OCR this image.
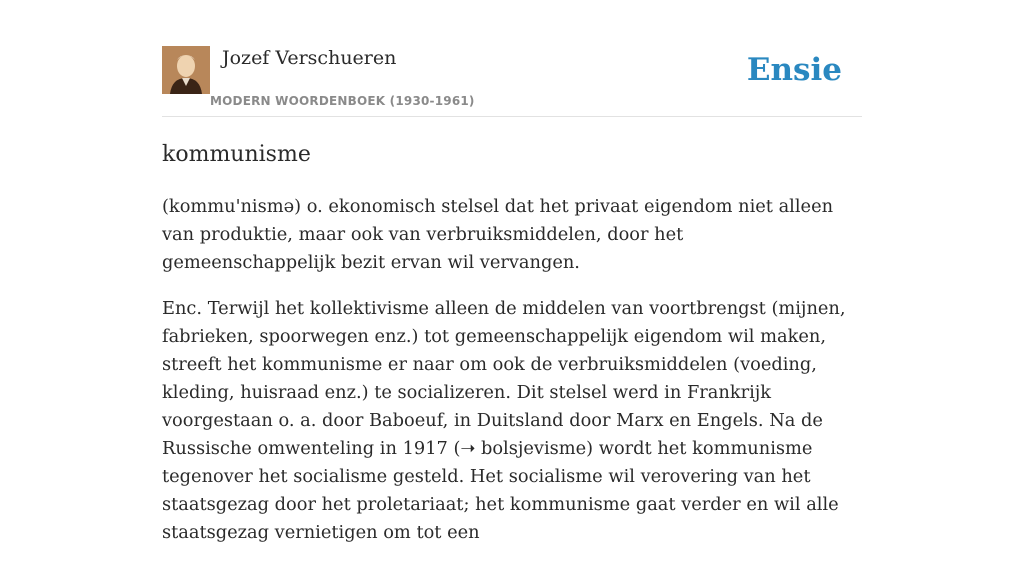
Jozef Verschueren
MODERN WOORDENBOEK (1930-1961)
Ensie
kommunisme

(kommu'nismə) o. ekonomisch stelsel dat het privaat eigendom niet alleen van produktie, maar ook van verbruiksmiddelen, door het gemeenschappelijk bezit ervan wil vervangen.

Enc. Terwijl het kollektivisme alleen de middelen van voortbrengst (mijnen, fabrieken, spoorwegen enz.) tot gemeenschappelijk eigendom wil maken, streeft het kommunisme er naar om ook de verbruiksmiddelen (voeding, kleding, huisraad enz.) te socializeren. Dit stelsel werd in Frankrijk voorgestaan o. a. door Baboeuf, in Duitsland door Marx en Engels. Na de Russische omwenteling in 1917 (➝ bolsjevisme) wordt het kommunisme tegenover het socialisme gesteld. Het socialisme wil verovering van het staatsgezag door het proletariaat; het kommunisme gaat verder en wil alle staatsgezag vernietigen om tot een
